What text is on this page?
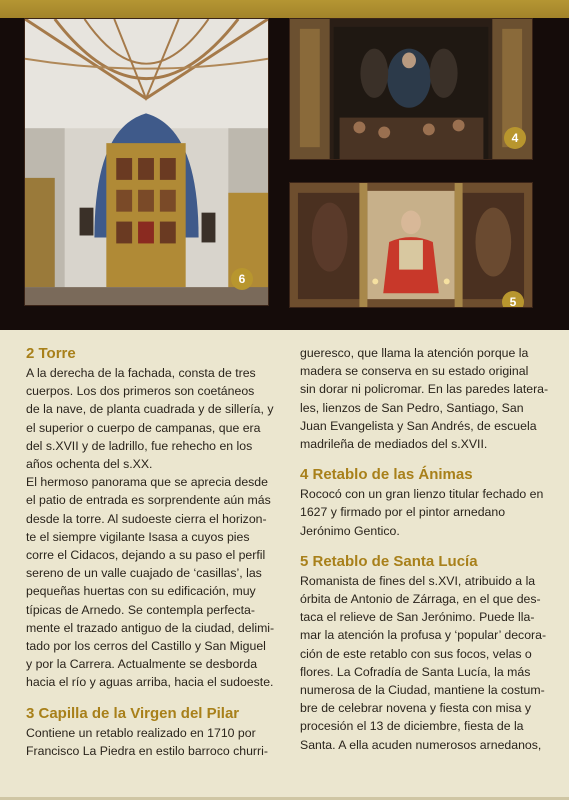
6
4
5
2 Torre
A la derecha de la fachada, consta de tres
cuerpos. Los dos primeros son coetáneos
de la nave, de planta cuadrada y de sillería, y
el superior o cuerpo de campanas, que era
del s.XVII y de ladrillo, fue rehecho en los
años ochenta del s.XX.
El hermoso panorama que se aprecia desde
el patio de entrada es sorprendente aún más
desde la torre. Al sudoeste cierra el horizon-
te el siempre vigilante Isasa a cuyos pies
corre el Cidacos, dejando a su paso el perfil
sereno de un valle cuajado de ‘casillas’, las
pequeñas huertas con su edificación, muy
típicas de Arnedo. Se contempla perfecta-
mente el trazado antiguo de la ciudad, delimi-
tado por los cerros del Castillo y San Miguel
y por la Carrera. Actualmente se desborda
hacia el río y aguas arriba, hacia el sudoeste.
3 Capilla de la Virgen del Pilar
Contiene un retablo realizado en 1710 por
Francisco La Piedra en estilo barroco churri-
gueresco, que llama la atención porque la
madera se conserva en su estado original
sin dorar ni policromar. En las paredes latera-
les, lienzos de San Pedro, Santiago, San
Juan Evangelista y San Andrés, de escuela
madrileña de mediados del s.XVII.
4 Retablo de las Ánimas
Rococó con un gran lienzo titular fechado en
1627 y firmado por el pintor arnedano
Jerónimo Gentico.
5 Retablo de Santa Lucía
Romanista de fines del s.XVI, atribuido a la
órbita de Antonio de Zárraga, en el que des-
taca el relieve de San Jerónimo. Puede lla-
mar la atención la profusa y ‘popular’ decora-
ción de este retablo con sus focos, velas o
flores. La Cofradía de Santa Lucía, la más
numerosa de la Ciudad, mantiene la costum-
bre de celebrar novena y fiesta con misa y
procesión el 13 de diciembre, fiesta de la
Santa. A ella acuden numerosos arnedanos,
